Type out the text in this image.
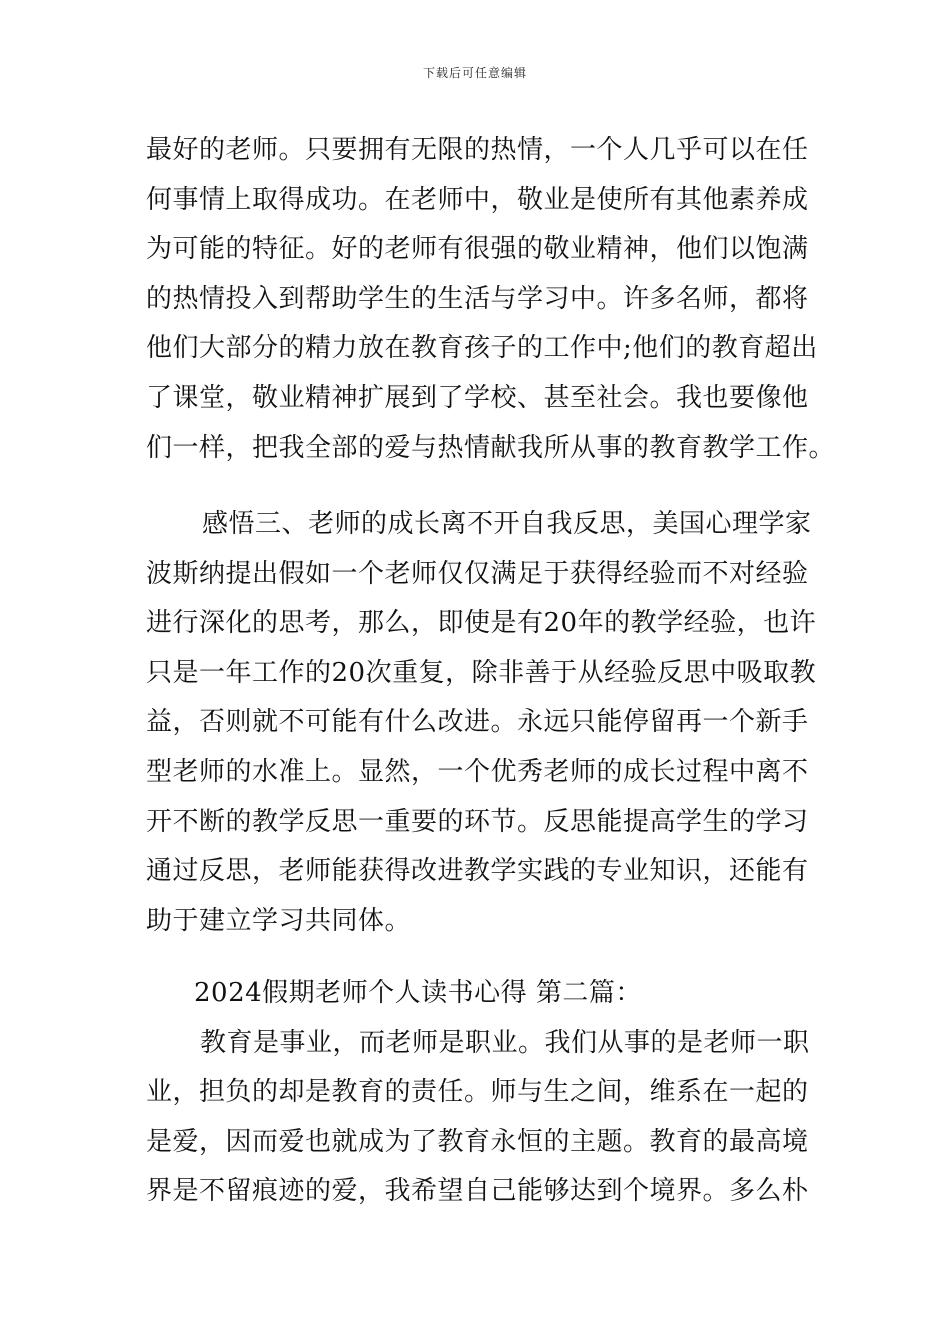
下载后可任意编辑
最好的老师。只要拥有无限的热情，一个人几乎可以在任
何事情上取得成功。在老师中，敬业是使所有其他素养成
为可能的特征。好的老师有很强的敬业精神，他们以饱满
的热情投入到帮助学生的生活与学习中。许多名师，都将
他们大部分的精力放在教育孩子的工作中;他们的教育超出
了课堂，敬业精神扩展到了学校、甚至社会。我也要像他
们一样，把我全部的爱与热情献我所从事的教育教学工作。
感悟三、老师的成长离不开自我反思，美国心理学家
波斯纳提出假如一个老师仅仅满足于获得经验而不对经验
进行深化的思考，那么，即使是有20年的教学经验，也许
只是一年工作的20次重复，除非善于从经验反思中吸取教
益，否则就不可能有什么改进。永远只能停留再一个新手
型老师的水准上。显然，一个优秀老师的成长过程中离不
开不断的教学反思一重要的环节。反思能提高学生的学习
通过反思，老师能获得改进教学实践的专业知识，还能有
助于建立学习共同体。
2024假期老师个人读书心得 第二篇：
教育是事业，而老师是职业。我们从事的是老师一职
业，担负的却是教育的责任。师与生之间，维系在一起的
是爱，因而爱也就成为了教育永恒的主题。教育的最高境
界是不留痕迹的爱，我希望自己能够达到个境界。多么朴
